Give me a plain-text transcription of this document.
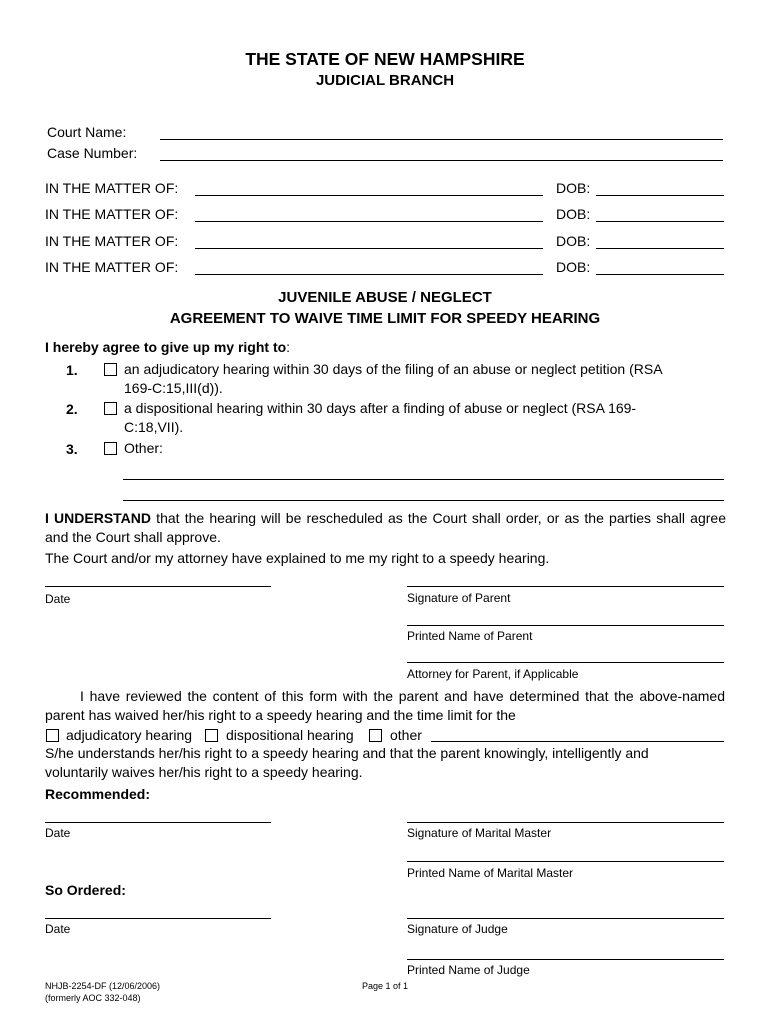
THE STATE OF NEW HAMPSHIRE
JUDICIAL BRANCH
Court Name:
Case Number:
IN THE MATTER OF:	DOB:
IN THE MATTER OF:	DOB:
IN THE MATTER OF:	DOB:
IN THE MATTER OF:	DOB:
JUVENILE ABUSE / NEGLECT
AGREEMENT TO WAIVE TIME LIMIT FOR SPEEDY HEARING
I hereby agree to give up my right to:
1.	an adjudicatory hearing within 30 days of the filing of an abuse or neglect petition (RSA
169-C:15,III(d)).
2.	a dispositional hearing within 30 days after a finding of abuse or neglect (RSA 169-
C:18,VII).
3.	Other:
I UNDERSTAND that the hearing will be rescheduled as the Court shall order, or as the parties shall agree and the Court shall approve.
The Court and/or my attorney have explained to me my right to a speedy hearing.
Date	Signature of Parent
Printed Name of Parent
Attorney for Parent, if Applicable
I have reviewed the content of this form with the parent and have determined that the above-named parent has waived her/his right to a speedy hearing and the time limit for the
adjudicatory hearing dispositional hearing	other
S/he understands her/his right to a speedy hearing and that the parent knowingly, intelligently and voluntarily waives her/his right to a speedy hearing.
Recommended:
Date	Signature of Marital Master
Printed Name of Marital Master
So Ordered:
Date	Signature of Judge
Printed Name of Judge
NHJB-2254-DF (12/06/2006)
(formerly AOC 332-048)
Page 1 of 1
